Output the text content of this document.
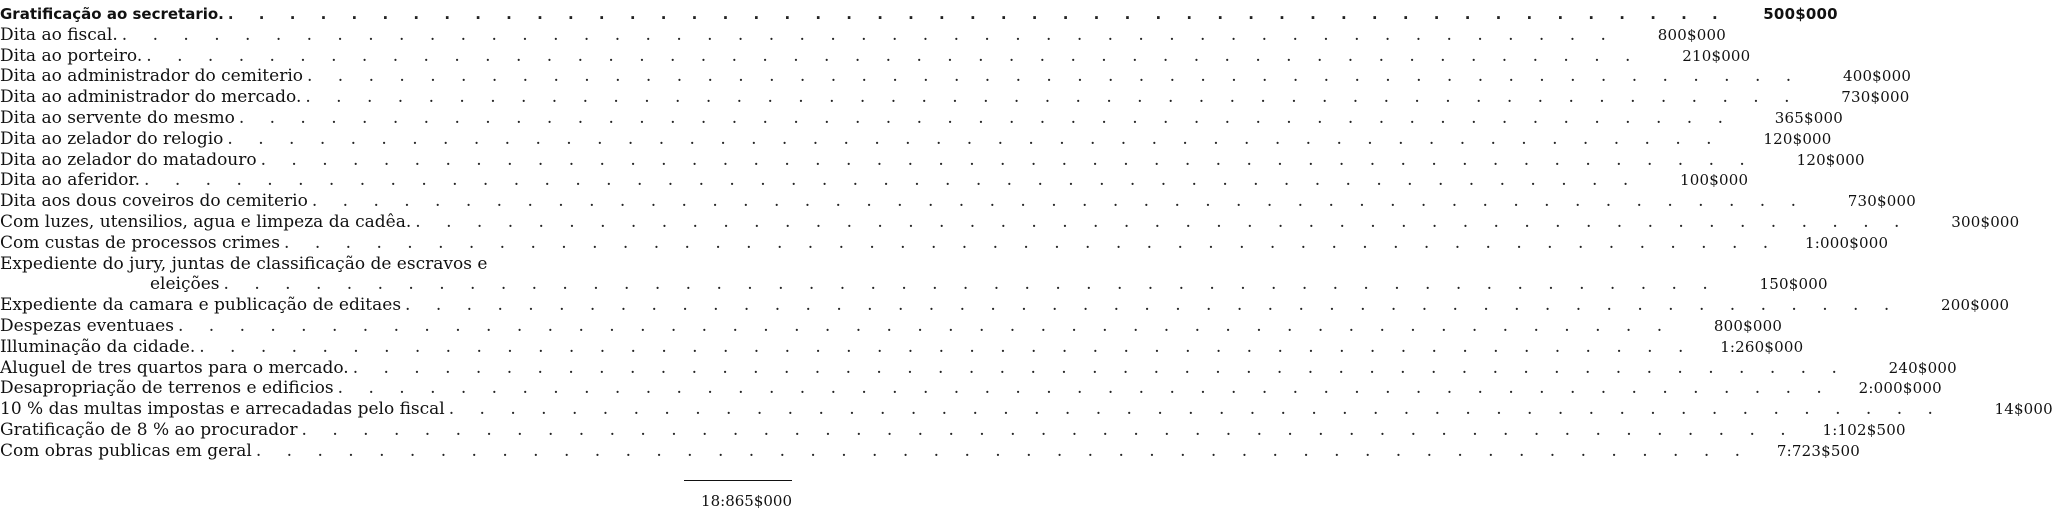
Gratificação ao secretario. . . .	500$000
Dita ao fiscal. . . .	800$000
Dita ao porteiro. . . .	210$000
Dita ao administrador do cemiterio . . .	400$000
Dita ao administrador do mercado. . . .	730$000
Dita ao servente do mesmo . . .	365$000
Dita ao zelador do relogio . . .	120$000
Dita ao zelador do matadouro . . .	120$000
Dita ao aferidor. . . .	100$000
Dita aos dous coveiros do cemiterio . . .	730$000
Com luzes, utensilios, agua e limpeza da cadêa. . . .	300$000
Com custas de processos crimes . . .	1:000$000
Expediente do jury, juntas de classificação de escravos e
eleições . . .	150$000
Expediente da camara e publicação de editaes . . .	200$000
Despezas eventuaes . . .	800$000
Illuminação da cidade. . . .	1:260$000
Aluguel de tres quartos para o mercado. . . .	240$000
Desapropriação de terrenos e edificios . . .	2:000$000
10 % das multas impostas e arrecadadas pelo fiscal . . .	14$000
Gratificação de 8 % ao procurador . . .	1:102$500
Com obras publicas em geral . . .	7:723$500
18:865$000
